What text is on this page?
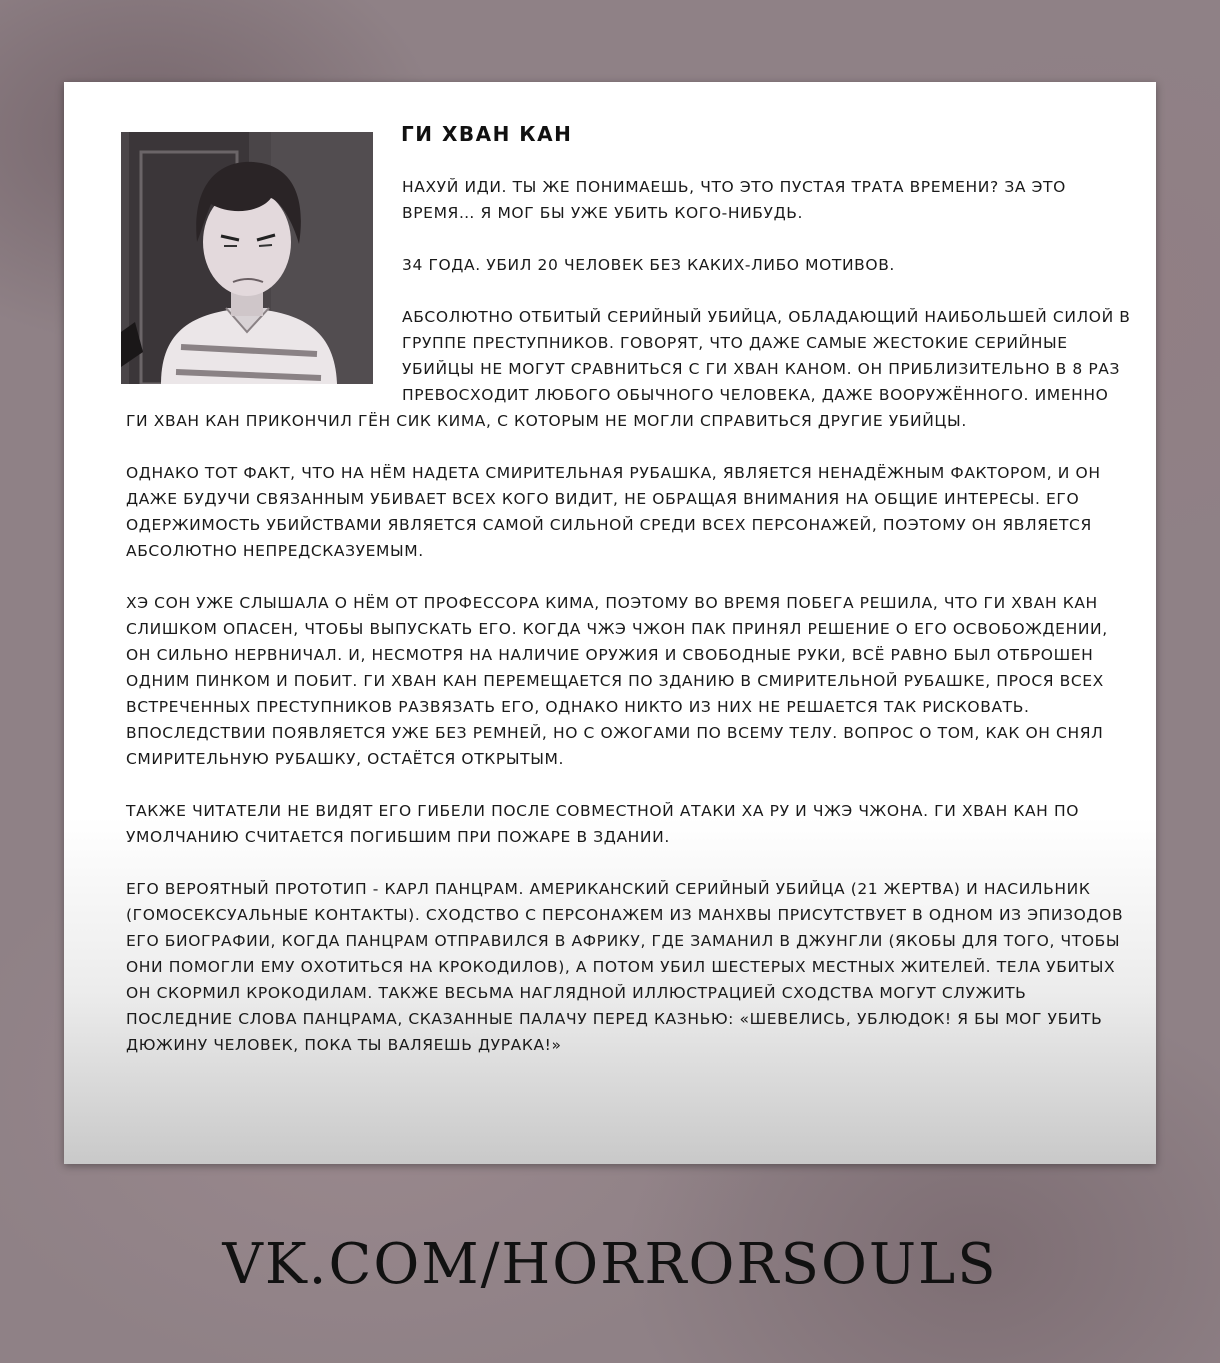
ГИ ХВАН КАН

НАХУЙ ИДИ. ТЫ ЖЕ ПОНИМАЕШЬ, ЧТО ЭТО ПУСТАЯ ТРАТА ВРЕМЕНИ? ЗА ЭТО ВРЕМЯ… Я МОГ БЫ УЖЕ УБИТЬ КОГО-НИБУДЬ.

34 ГОДА. УБИЛ 20 ЧЕЛОВЕК БЕЗ КАКИХ-ЛИБО МОТИВОВ.

АБСОЛЮТНО ОТБИТЫЙ СЕРИЙНЫЙ УБИЙЦА, ОБЛАДАЮЩИЙ НАИБОЛЬШЕЙ СИЛОЙ В ГРУППЕ ПРЕСТУПНИКОВ. ГОВОРЯТ, ЧТО ДАЖЕ САМЫЕ ЖЕСТОКИЕ СЕРИЙНЫЕ УБИЙЦЫ НЕ МОГУТ СРАВНИТЬСЯ С ГИ ХВАН КАНОМ. ОН ПРИБЛИЗИТЕЛЬНО В 8 РАЗ ПРЕВОСХОДИТ ЛЮБОГО ОБЫЧНОГО ЧЕЛОВЕКА, ДАЖЕ ВООРУЖЁННОГО. ИМЕННО ГИ ХВАН КАН ПРИКОНЧИЛ ГЁН СИК КИМА, С КОТОРЫМ НЕ МОГЛИ СПРАВИТЬСЯ ДРУГИЕ УБИЙЦЫ.

ОДНАКО ТОТ ФАКТ, ЧТО НА НЁМ НАДЕТА СМИРИТЕЛЬНАЯ РУБАШКА, ЯВЛЯЕТСЯ НЕНАДЁЖНЫМ ФАКТОРОМ, И ОН ДАЖЕ БУДУЧИ СВЯЗАННЫМ УБИВАЕТ ВСЕХ КОГО ВИДИТ, НЕ ОБРАЩАЯ ВНИМАНИЯ НА ОБЩИЕ ИНТЕРЕСЫ. ЕГО ОДЕРЖИМОСТЬ УБИЙСТВАМИ ЯВЛЯЕТСЯ САМОЙ СИЛЬНОЙ СРЕДИ ВСЕХ ПЕРСОНАЖЕЙ, ПОЭТОМУ ОН ЯВЛЯЕТСЯ АБСОЛЮТНО НЕПРЕДСКАЗУЕМЫМ.

ХЭ СОН УЖЕ СЛЫШАЛА О НЁМ ОТ ПРОФЕССОРА КИМА, ПОЭТОМУ ВО ВРЕМЯ ПОБЕГА РЕШИЛА, ЧТО ГИ ХВАН КАН СЛИШКОМ ОПАСЕН, ЧТОБЫ ВЫПУСКАТЬ ЕГО. КОГДА ЧЖЭ ЧЖОН ПАК ПРИНЯЛ РЕШЕНИЕ О ЕГО ОСВОБОЖДЕНИИ, ОН СИЛЬНО НЕРВНИЧАЛ. И, НЕСМОТРЯ НА НАЛИЧИЕ ОРУЖИЯ И СВОБОДНЫЕ РУКИ, ВСЁ РАВНО БЫЛ ОТБРОШЕН ОДНИМ ПИНКОМ И ПОБИТ. ГИ ХВАН КАН ПЕРЕМЕЩАЕТСЯ ПО ЗДАНИЮ В СМИРИТЕЛЬНОЙ РУБАШКЕ, ПРОСЯ ВСЕХ ВСТРЕЧЕННЫХ ПРЕСТУПНИКОВ РАЗВЯЗАТЬ ЕГО, ОДНАКО НИКТО ИЗ НИХ НЕ РЕШАЕТСЯ ТАК РИСКОВАТЬ. ВПОСЛЕДСТВИИ ПОЯВЛЯЕТСЯ УЖЕ БЕЗ РЕМНЕЙ, НО С ОЖОГАМИ ПО ВСЕМУ ТЕЛУ. ВОПРОС О ТОМ, КАК ОН СНЯЛ СМИРИТЕЛЬНУЮ РУБАШКУ, ОСТАЁТСЯ ОТКРЫТЫМ.

ТАКЖЕ ЧИТАТЕЛИ НЕ ВИДЯТ ЕГО ГИБЕЛИ ПОСЛЕ СОВМЕСТНОЙ АТАКИ ХА РУ И ЧЖЭ ЧЖОНА. ГИ ХВАН КАН ПО УМОЛЧАНИЮ СЧИТАЕТСЯ ПОГИБШИМ ПРИ ПОЖАРЕ В ЗДАНИИ.

ЕГО ВЕРОЯТНЫЙ ПРОТОТИП - КАРЛ ПАНЦРАМ. АМЕРИКАНСКИЙ СЕРИЙНЫЙ УБИЙЦА (21 ЖЕРТВА) И НАСИЛЬНИК (ГОМОСЕКСУАЛЬНЫЕ КОНТАКТЫ). СХОДСТВО С ПЕРСОНАЖЕМ ИЗ МАНХВЫ ПРИСУТСТВУЕТ В ОДНОМ ИЗ ЭПИЗОДОВ ЕГО БИОГРАФИИ, КОГДА ПАНЦРАМ ОТПРАВИЛСЯ В АФРИКУ, ГДЕ ЗАМАНИЛ В ДЖУНГЛИ (ЯКОБЫ ДЛЯ ТОГО, ЧТОБЫ ОНИ ПОМОГЛИ ЕМУ ОХОТИТЬСЯ НА КРОКОДИЛОВ), А ПОТОМ УБИЛ ШЕСТЕРЫХ МЕСТНЫХ ЖИТЕЛЕЙ. ТЕЛА УБИТЫХ ОН СКОРМИЛ КРОКОДИЛАМ. ТАКЖЕ ВЕСЬМА НАГЛЯДНОЙ ИЛЛЮСТРАЦИЕЙ СХОДСТВА МОГУТ СЛУЖИТЬ ПОСЛЕДНИЕ СЛОВА ПАНЦРАМА, СКАЗАННЫЕ ПАЛАЧУ ПЕРЕД КАЗНЬЮ: «ШЕВЕЛИСЬ, УБЛЮДОК! Я БЫ МОГ УБИТЬ ДЮЖИНУ ЧЕЛОВЕК, ПОКА ТЫ ВАЛЯЕШЬ ДУРАКА!»

VK.COM/HORRORSOULS
